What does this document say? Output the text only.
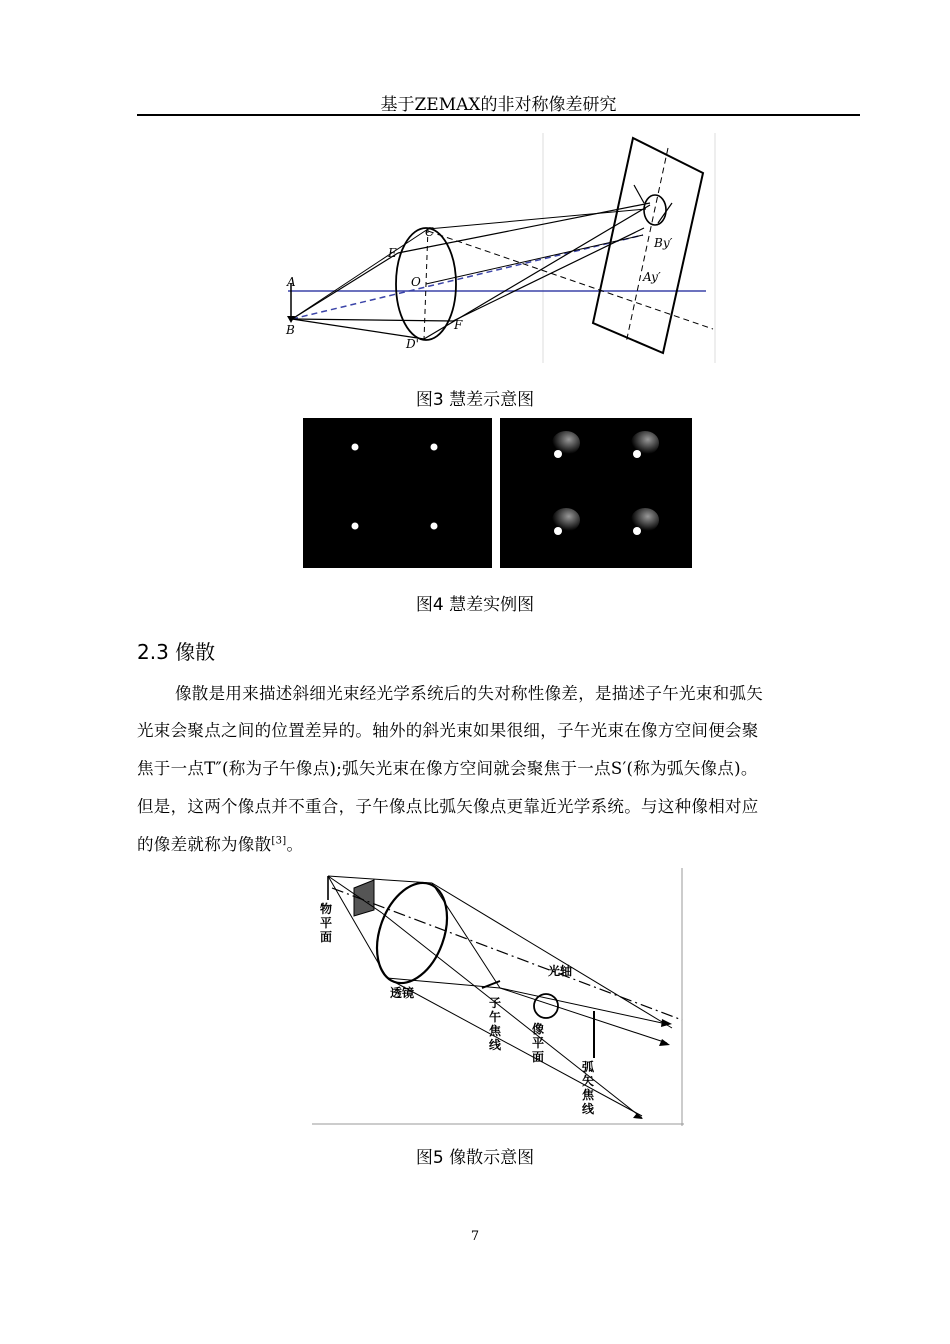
基于ZEMAX的非对称像差研究
A
B
C
D'
E
F
O
By′
Ay′
图3 慧差示意图
图4 慧差实例图
2.3 像散
像散是用来描述斜细光束经光学系统后的失对称性像差，是描述子午光束和弧矢
光束会聚点之间的位置差异的。轴外的斜光束如果很细，子午光束在像方空间便会聚
焦于一点T″(称为子午像点);弧矢光束在像方空间就会聚焦于一点S′(称为弧矢像点)。
但是，这两个像点并不重合，子午像点比弧矢像点更靠近光学系统。与这种像相对应
的像差就称为像散[3]。
物
平
面
透镜
光轴
子
午
焦
线
像
平
面
弧
矢
焦
线
图5 像散示意图
7
